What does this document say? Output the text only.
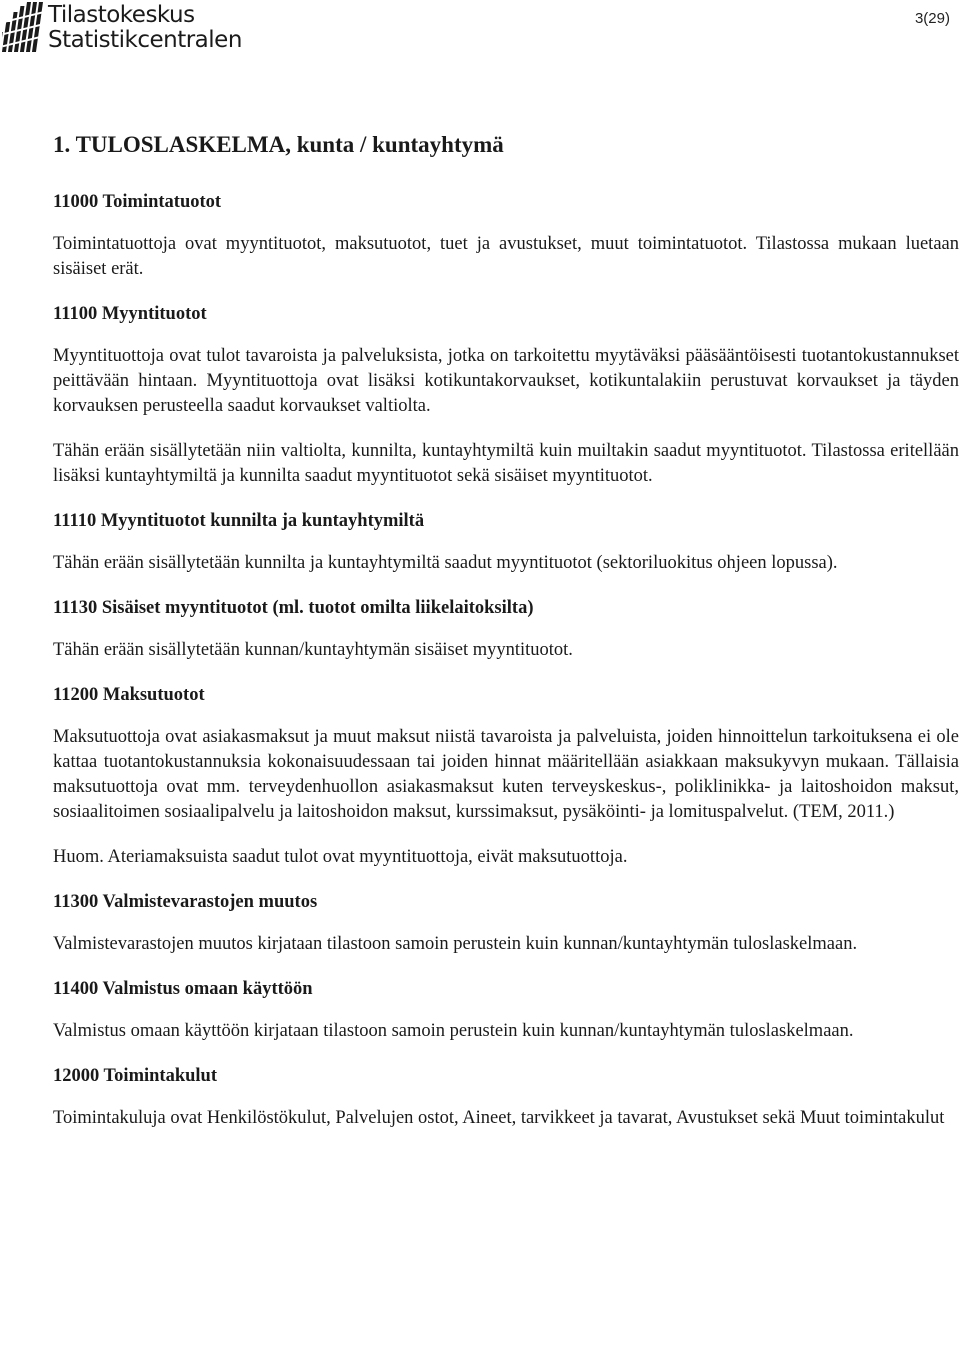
Tilastokeskus
Statistikcentralen
3(29)
1. TULOSLASKELMA, kunta / kuntayhtymä
11000 Toimintatuotot

Toimintatuottoja ovat myyntituotot, maksutuotot, tuet ja avustukset, muut toimintatuotot. Tilastossa mukaan luetaan sisäiset erät.

11100 Myyntituotot

Myyntituottoja ovat tulot tavaroista ja palveluksista, jotka on tarkoitettu myytäväksi pääsääntöisesti tuotantokustannukset peittävään hintaan. Myyntituottoja ovat lisäksi kotikuntakorvaukset, kotikuntalakiin perustuvat korvaukset ja täyden korvauksen perusteella saadut korvaukset valtiolta.

Tähän erään sisällytetään niin valtiolta, kunnilta, kuntayhtymiltä kuin muiltakin saadut myyntituotot. Tilastossa eritellään lisäksi kuntayhtymiltä ja kunnilta saadut myyntituotot sekä sisäiset myyntituotot.

11110 Myyntituotot kunnilta ja kuntayhtymiltä

Tähän erään sisällytetään kunnilta ja kuntayhtymiltä saadut myyntituotot (sektoriluokitus ohjeen lopussa).

11130 Sisäiset myyntituotot (ml. tuotot omilta liikelaitoksilta)

Tähän erään sisällytetään kunnan/kuntayhtymän sisäiset myyntituotot.

11200 Maksutuotot

Maksutuottoja ovat asiakasmaksut ja muut maksut niistä tavaroista ja palveluista, joiden hinnoittelun tarkoituksena ei ole kattaa tuotantokustannuksia kokonaisuudessaan tai joiden hinnat määritellään asiakkaan maksukyvyn mukaan. Tällaisia maksutuottoja ovat mm. terveydenhuollon asiakasmaksut kuten terveyskeskus-, poliklinikka- ja laitoshoidon maksut, sosiaalitoimen sosiaalipalvelu ja laitoshoidon maksut, kurssimaksut, pysäköinti- ja lomituspalvelut. (TEM, 2011.)

Huom. Ateriamaksuista saadut tulot ovat myyntituottoja, eivät maksutuottoja.

11300 Valmistevarastojen muutos

Valmistevarastojen muutos kirjataan tilastoon samoin perustein kuin kunnan/kuntayhtymän tuloslaskelmaan.

11400 Valmistus omaan käyttöön

Valmistus omaan käyttöön kirjataan tilastoon samoin perustein kuin kunnan/kuntayhtymän tuloslaskelmaan.

12000 Toimintakulut

Toimintakuluja ovat Henkilöstökulut, Palvelujen ostot, Aineet, tarvikkeet ja tavarat, Avustukset sekä Muut toimintakulut
